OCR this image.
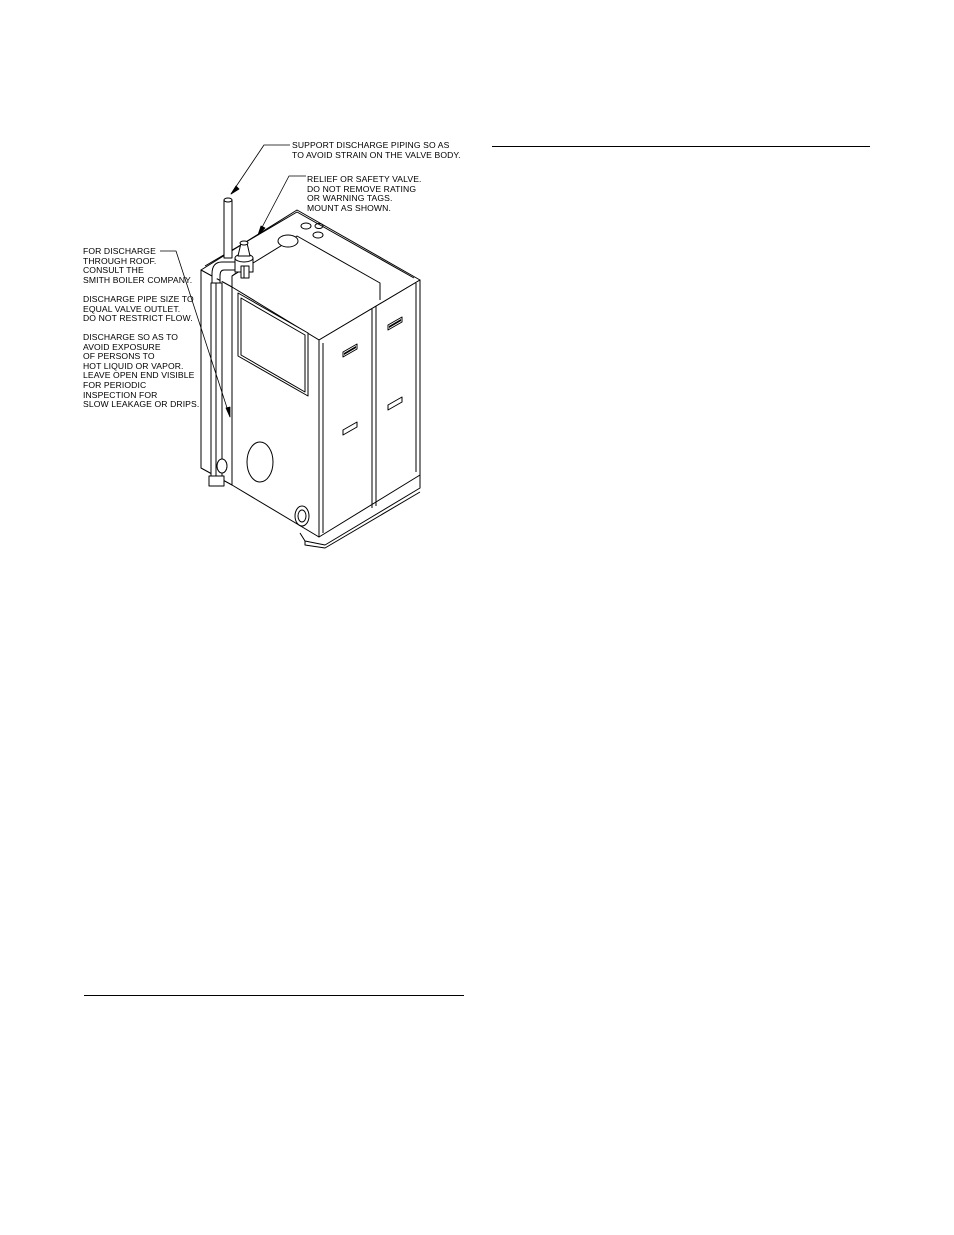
SUPPORT DISCHARGE PIPING SO AS
TO AVOID STRAIN ON THE VALVE BODY.
RELIEF OR SAFETY VALVE.
DO NOT REMOVE RATING
OR WARNING TAGS.
MOUNT AS SHOWN.
FOR DISCHARGE
THROUGH ROOF.
CONSULT THE
SMITH BOILER COMPANY.
DISCHARGE PIPE SIZE TO
EQUAL VALVE OUTLET.
DO NOT RESTRICT FLOW.
DISCHARGE SO AS TO
AVOID EXPOSURE
OF PERSONS TO
HOT LIQUID OR VAPOR.
LEAVE OPEN END VISIBLE
FOR PERIODIC
INSPECTION FOR
SLOW LEAKAGE OR DRIPS.
